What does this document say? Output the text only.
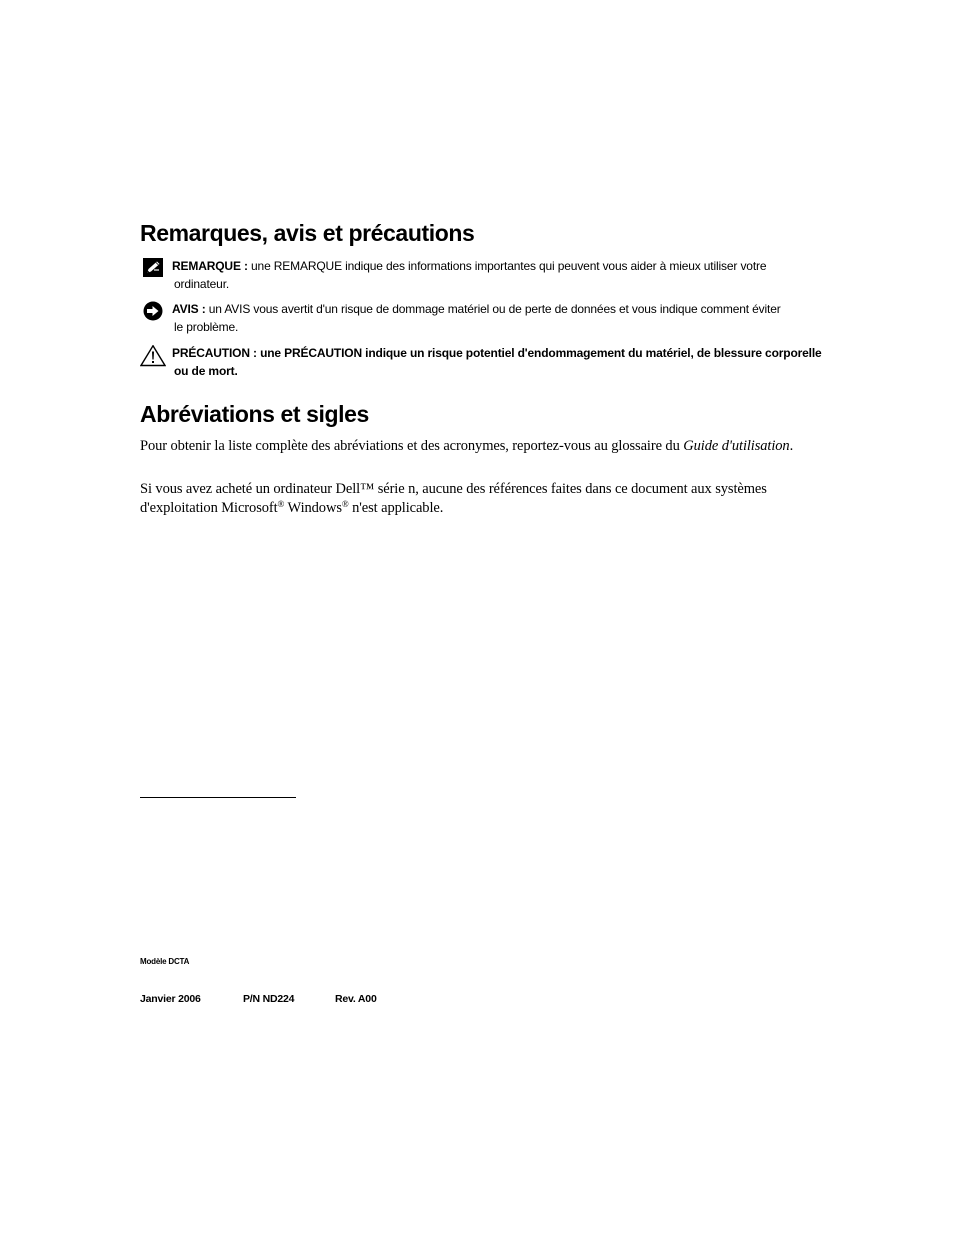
Remarques, avis et précautions
REMARQUE : une REMARQUE indique des informations importantes qui peuvent vous aider à mieux utiliser votre
ordinateur.
AVIS : un AVIS vous avertit d'un risque de dommage matériel ou de perte de données et vous indique comment éviter
le problème.
PRÉCAUTION : une PRÉCAUTION indique un risque potentiel d'endommagement du matériel, de blessure corporelle
ou de mort.
Abréviations et sigles

Pour obtenir la liste complète des abréviations et des acronymes, reportez-vous au glossaire du Guide d'utilisation.

Si vous avez acheté un ordinateur Dell™ série n, aucune des références faites dans ce document aux systèmes d'exploitation Microsoft® Windows® n'est applicable.

Modèle DCTA
Janvier 2006	P/N ND224	Rev. A00
